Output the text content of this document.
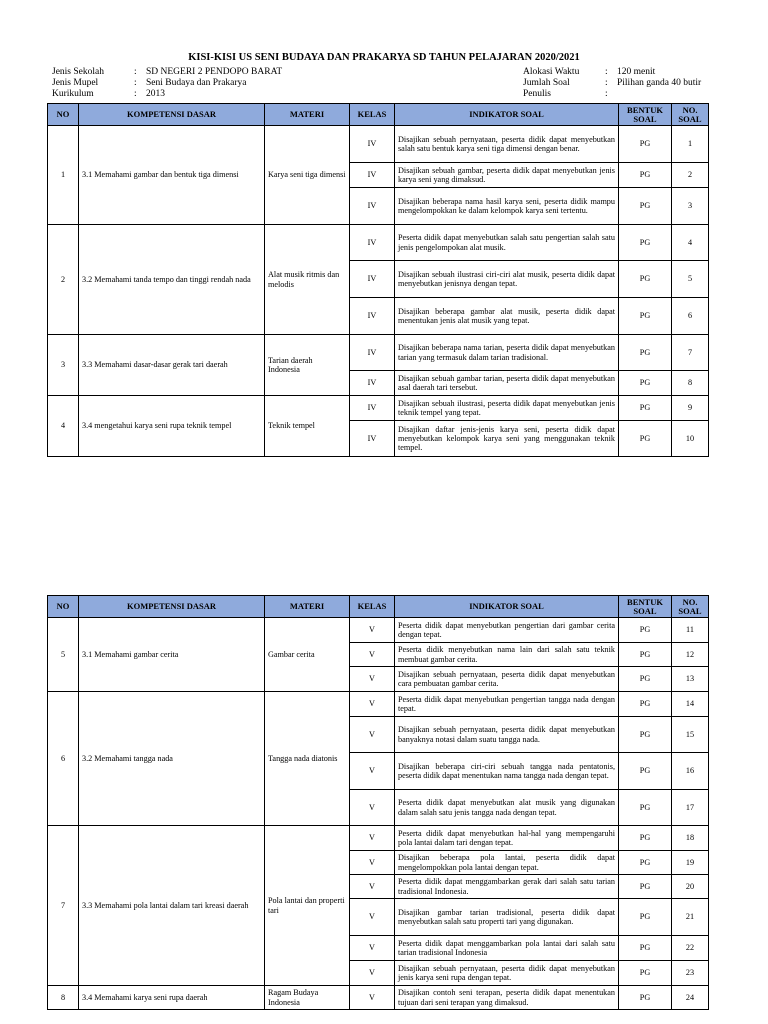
KISI-KISI US SENI BUDAYA DAN PRAKARYA SD TAHUN PELAJARAN 2020/2021
Jenis Sekolah	: SD NEGERI 2 PENDOPO BARAT
Jenis Mupel	: Seni Budaya dan Prakarya
Kurikulum	: 2013
Alokasi Waktu	: 120 menit
Jumlah Soal	: Pilihan ganda 40 butir
Penulis	:
NO	KOMPETENSI DASAR	MATERI	KELAS	INDIKATOR SOAL	BENTUK SOAL	NO. SOAL
1	3.1 Memahami gambar dan bentuk tiga dimensi	Karya seni tiga dimensi	IV	Disajikan sebuah pernyataan, peserta didik dapat menyebutkan salah satu bentuk karya seni tiga dimensi dengan benar.	PG	1
			IV	Disajikan sebuah gambar, peserta didik dapat menyebutkan jenis karya seni yang dimaksud.	PG	2
			IV	Disajikan beberapa nama hasil karya seni, peserta didik mampu mengelompokkan ke dalam kelompok karya seni tertentu.	PG	3
2	3.2 Memahami tanda tempo dan tinggi rendah nada	Alat musik ritmis dan melodis	IV	Peserta didik dapat menyebutkan salah satu pengertian salah satu jenis pengelompokan alat musik.	PG	4
			IV	Disajikan sebuah ilustrasi ciri-ciri alat musik, peserta didik dapat menyebutkan jenisnya dengan tepat.	PG	5
			IV	Disajikan beberapa gambar alat musik, peserta didik dapat menentukan jenis alat musik yang tepat.	PG	6
3	3.3 Memahami dasar-dasar gerak tari daerah	Tarian daerah Indonesia	IV	Disajikan beberapa nama tarian, peserta didik dapat menyebutkan tarian yang termasuk dalam tarian tradisional.	PG	7
			IV	Disajikan sebuah gambar tarian, peserta didik dapat menyebutkan asal daerah tari tersebut.	PG	8
4	3.4 mengetahui karya seni rupa teknik tempel	Teknik tempel	IV	Disajikan sebuah ilustrasi, peserta didik dapat menyebutkan jenis teknik tempel yang tepat.	PG	9
			IV	Disajikan daftar jenis-jenis karya seni, peserta didik dapat menyebutkan kelompok karya seni yang menggunakan teknik tempel.	PG	10
NO	KOMPETENSI DASAR	MATERI	KELAS	INDIKATOR SOAL	BENTUK SOAL	NO. SOAL
5	3.1 Memahami gambar cerita	Gambar cerita	V	Peserta didik dapat menyebutkan pengertian dari gambar cerita dengan tepat.	PG	11
			V	Peserta didik menyebutkan nama lain dari salah satu teknik membuat gambar cerita.	PG	12
			V	Disajikan sebuah pernyataan, peserta didik dapat menyebutkan cara pembuatan gambar cerita.	PG	13
6	3.2 Memahami tangga nada	Tangga nada diatonis	V	Peserta didik dapat menyebutkan pengertian tangga nada dengan tepat.	PG	14
			V	Disajikan sebuah pernyataan, peserta didik dapat menyebutkan banyaknya notasi dalam suatu tangga nada.	PG	15
			V	Disajikan beberapa ciri-ciri sebuah tangga nada pentatonis, peserta didik dapat menentukan nama tangga nada dengan tepat.	PG	16
			V	Peserta didik dapat menyebutkan alat musik yang digunakan dalam salah satu jenis tangga nada dengan tepat.	PG	17
7	3.3 Memahami pola lantai dalam tari kreasi daerah	Pola lantai dan properti tari	V	Peserta didik dapat menyebutkan hal-hal yang mempengaruhi pola lantai dalam tari dengan tepat.	PG	18
			V	Disajikan beberapa pola lantai, peserta didik dapat mengelompokkan pola lantai dengan tepat.	PG	19
			V	Peserta didik dapat menggambarkan gerak dari salah satu tarian tradisional Indonesia.	PG	20
			V	Disajikan gambar tarian tradisional, peserta didik dapat menyebutkan salah satu properti tari yang digunakan.	PG	21
			V	Peserta didik dapat menggambarkan pola lantai dari salah satu tarian tradisional Indonesia	PG	22
			V	Disajikan sebuah pernyataan, peserta didik dapat menyebutkan jenis karya seni rupa dengan tepat.	PG	23
8	3.4 Memahami karya seni rupa daerah	Ragam Budaya Indonesia	V	Disajikan contoh seni terapan, peserta didik dapat menentukan tujuan dari seni terapan yang dimaksud.	PG	24
